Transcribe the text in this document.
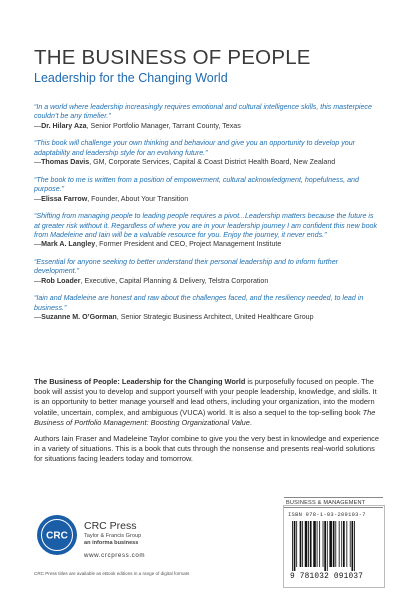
THE BUSINESS OF PEOPLE
Leadership for the Changing World
“In a world where leadership increasingly requires emotional and cultural intelligence skills, this masterpiece couldn’t be any timelier.”
—Dr. Hilary Aza, Senior Portfolio Manager, Tarrant County, Texas
“This book will challenge your own thinking and behaviour and give you an opportunity to develop your adaptability and leadership style for an evolving future.”
—Thomas Davis, GM, Corporate Services, Capital & Coast District Health Board, New Zealand
“The book to me is written from a position of empowerment, cultural acknowledgment, hopefulness, and purpose.”
—Elissa Farrow, Founder, About Your Transition
“Shifting from managing people to leading people requires a pivot...Leadership matters because the future is at greater risk without it. Regardless of where you are in your leadership journey I am confident this new book from Madeleine and Iain will be a valuable resource for you. Enjoy the journey, it never ends.”
—Mark A. Langley, Former President and CEO, Project Management Institute
“Essential for anyone seeking to better understand their personal leadership and to inform further development.”
—Rob Loader, Executive, Capital Planning & Delivery, Telstra Corporation
“Iain and Madeleine are honest and raw about the challenges faced, and the resiliency needed, to lead in business.”
—Suzanne M. O’Gorman, Senior Strategic Business Architect, United Healthcare Group

The Business of People: Leadership for the Changing World is purposefully focused on people. The book will assist you to develop and support yourself with your people leadership, knowledge, and skills. It is an opportunity to better manage yourself and lead others, including your organization, into the modern volatile, uncertain, complex, and ambiguous (VUCA) world. It is also a sequel to the top-selling book The Business of Portfolio Management: Boosting Organizational Value.

Authors Iain Fraser and Madeleine Taylor combine to give you the very best in knowledge and experience in a variety of situations. This is a book that cuts through the nonsense and presents real-world solutions for situations facing leaders today and tomorrow.

CRC
CRC Press
Taylor & Francis Group
an informa business
www.crcpress.com
CRC Press titles are available as eBook editions in a range of digital formats
BUSINESS & MANAGEMENT
ISBN 978-1-03-209103-7
9 781032 091037
